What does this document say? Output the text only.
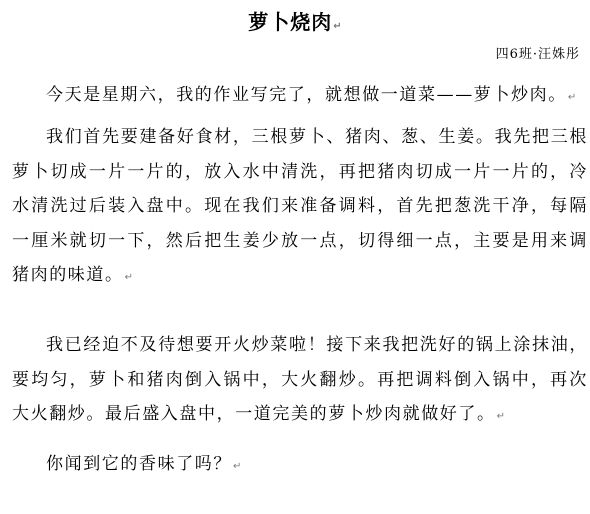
萝卜烧肉↵
四6班·汪姝彤

今天是星期六，我的作业写完了，就想做一道菜——萝卜炒肉。↵

我们首先要建备好食材，三根萝卜、猪肉、葱、生姜。我先把三根萝卜切成一片一片的，放入水中清洗，再把猪肉切成一片一片的，冷水清洗过后装入盘中。现在我们来准备调料，首先把葱洗干净，每隔一厘米就切一下，然后把生姜少放一点，切得细一点，主要是用来调猪肉的味道。↵

我已经迫不及待想要开火炒菜啦！接下来我把洗好的锅上涂抹油，要均匀，萝卜和猪肉倒入锅中，大火翻炒。再把调料倒入锅中，再次大火翻炒。最后盛入盘中，一道完美的萝卜炒肉就做好了。↵

你闻到它的香味了吗？↵
